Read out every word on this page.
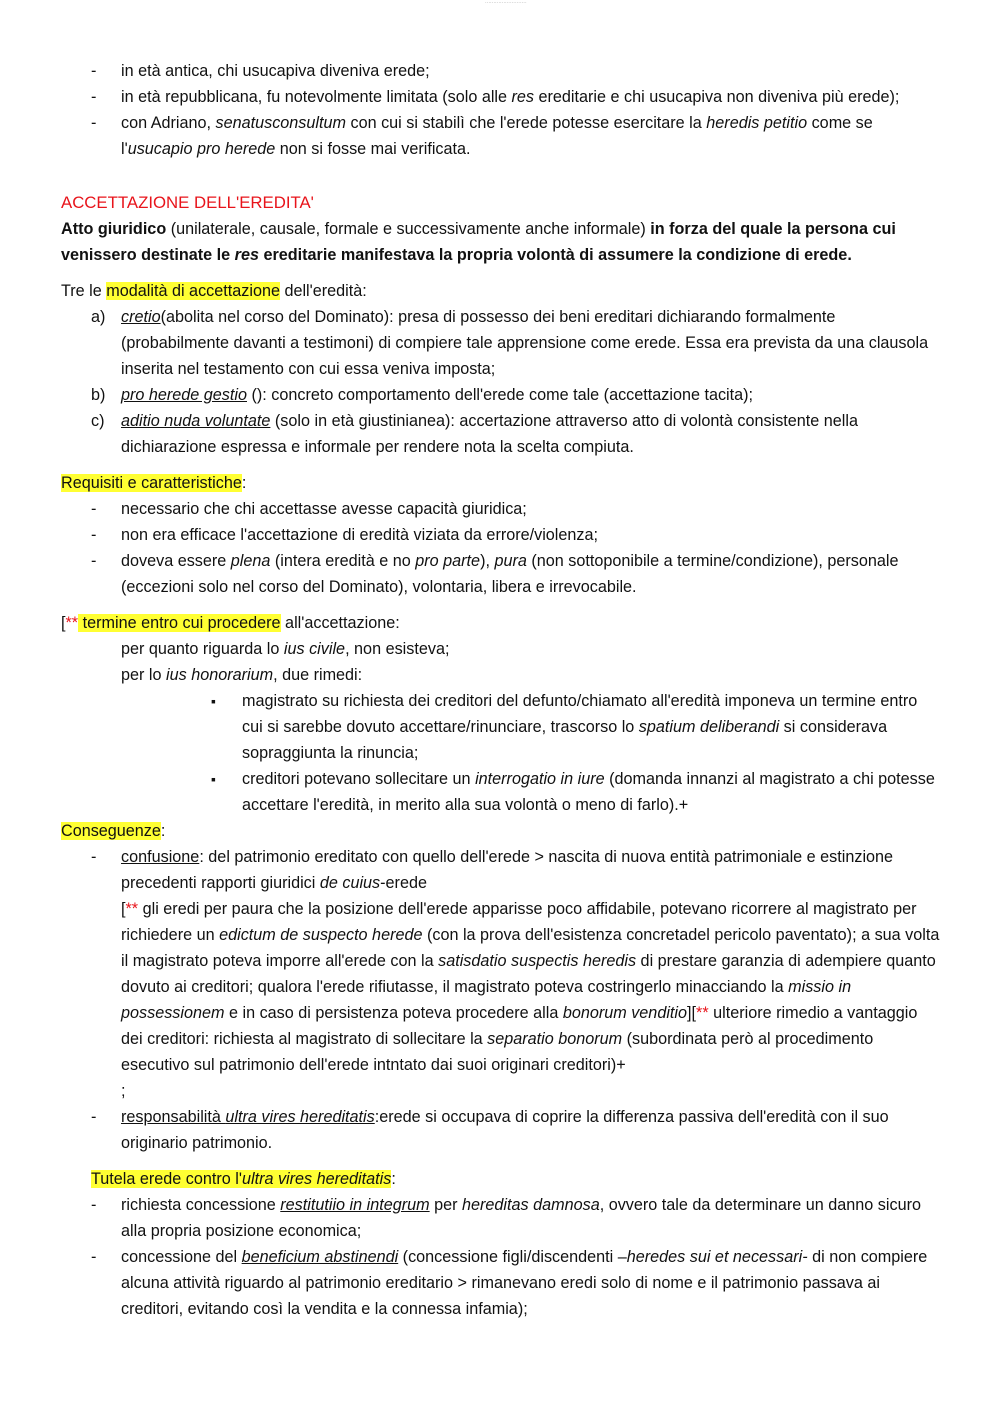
·························

- in età antica, chi usucapiva diveniva erede;

- in età repubblicana, fu notevolmente limitata (solo alle res ereditarie e chi usucapiva non diveniva più erede);

- con Adriano, senatusconsultum con cui si stabilì che l'erede potesse esercitare la heredis petitio come se l'usucapio pro herede non si fosse mai verificata.

ACCETTAZIONE DELL'EREDITA'

Atto giuridico (unilaterale, causale, formale e successivamente anche informale) in forza del quale la persona cui venissero destinate le res ereditarie manifestava la propria volontà di assumere la condizione di erede.

Tre le modalità di accettazione dell'eredità:

a) cretio(abolita nel corso del Dominato): presa di possesso dei beni ereditari dichiarando formalmente (probabilmente davanti a testimoni) di compiere tale apprensione come erede. Essa era prevista da una clausola inserita nel testamento con cui essa veniva imposta;

b) pro herede gestio (): concreto comportamento dell'erede come tale (accettazione tacita);

c) aditio nuda voluntate (solo in età giustinianea): accertazione attraverso atto di volontà consistente nella dichiarazione espressa e informale per rendere nota la scelta compiuta.

Requisiti e caratteristiche:

- necessario che chi accettasse avesse capacità giuridica;

- non era efficace l'accettazione di eredità viziata da errore/violenza;

- doveva essere plena (intera eredità e no pro parte), pura (non sottoponibile a termine/condizione), personale (eccezioni solo nel corso del Dominato), volontaria, libera e irrevocabile.

[** termine entro cui procedere all'accettazione:

per quanto riguarda lo ius civile, non esisteva;

per lo ius honorarium, due rimedi:

▪ magistrato su richiesta dei creditori del defunto/chiamato all'eredità imponeva un termine entro cui si sarebbe dovuto accettare/rinunciare, trascorso lo spatium deliberandi si considerava sopraggiunta la rinuncia;

▪ creditori potevano sollecitare un interrogatio in iure (domanda innanzi al magistrato a chi potesse accettare l'eredità, in merito alla sua volontà o meno di farlo).+

Conseguenze:

- confusione: del patrimonio ereditato con quello dell'erede > nascita di nuova entità patrimoniale e estinzione precedenti rapporti giuridici de cuius-erede

[** gli eredi per paura che la posizione dell'erede apparisse poco affidabile, potevano ricorrere al magistrato per richiedere un edictum de suspecto herede (con la prova dell'esistenza concretadel pericolo paventato); a sua volta il magistrato poteva imporre all'erede con la satisdatio suspectis heredis di prestare garanzia di adempiere quanto dovuto ai creditori; qualora l'erede rifiutasse, il magistrato poteva costringerlo minacciando la missio in possessionem e in caso di persistenza poteva procedere alla bonorum venditio][** ulteriore rimedio a vantaggio dei creditori: richiesta al magistrato di sollecitare la separatio bonorum (subordinata però al procedimento esecutivo sul patrimonio dell'erede intntato dai suoi originari creditori)+

;

- responsabilità ultra vires hereditatis:erede si occupava di coprire la differenza passiva dell'eredità con il suo originario patrimonio.

Tutela erede contro l'ultra vires hereditatis:

- richiesta concessione restitutiio in integrum per hereditas damnosa, ovvero tale da determinare un danno sicuro alla propria posizione economica;

- concessione del beneficium abstinendi (concessione figli/discendenti –heredes sui et necessari- di non compiere alcuna attività riguardo al patrimonio ereditario > rimanevano eredi solo di nome e il patrimonio passava ai creditori, evitando così la vendita e la connessa infamia);
